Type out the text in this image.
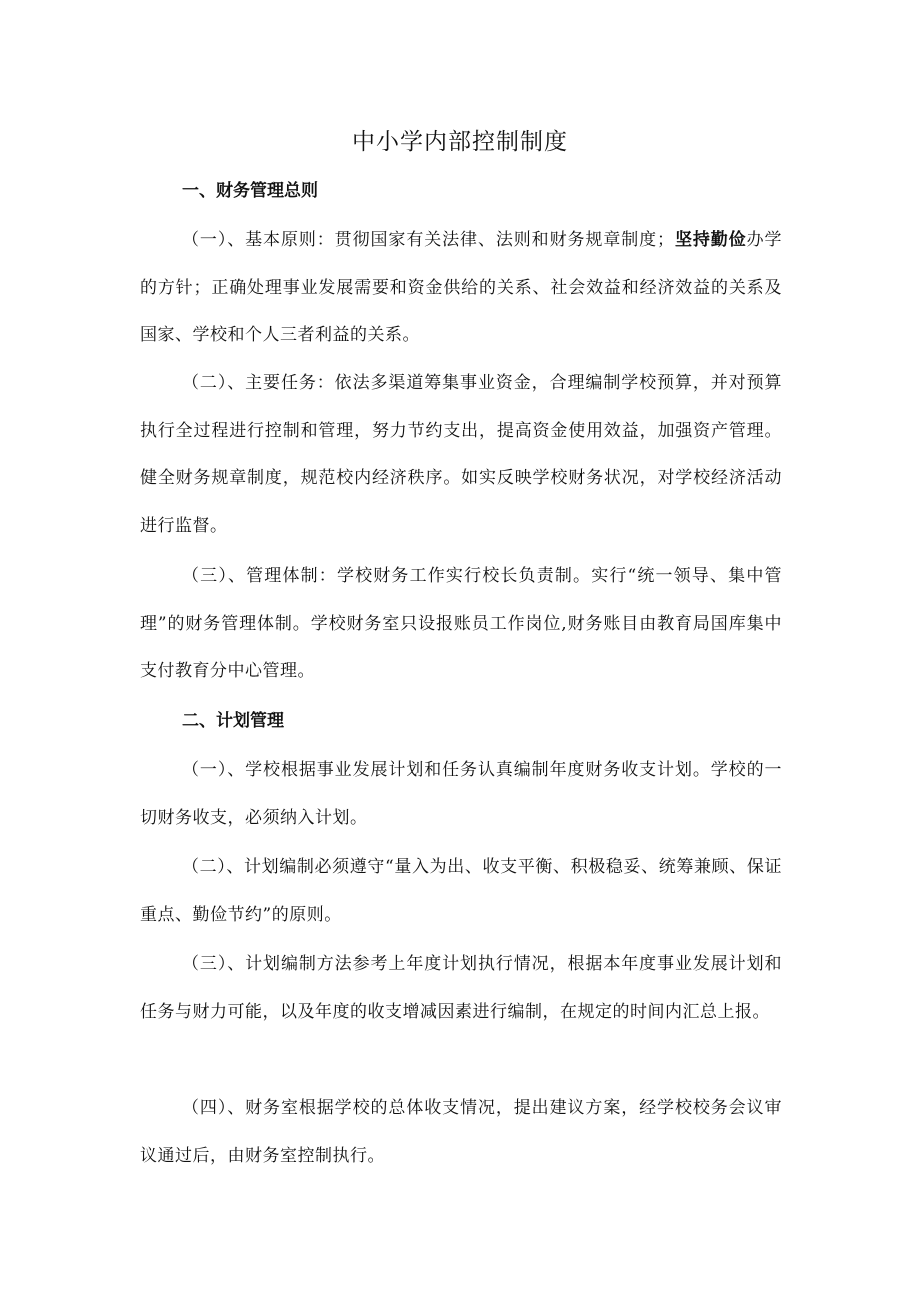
中小学内部控制制度
一、财务管理总则

（一）、基本原则：贯彻国家有关法律、法则和财务规章制度；坚持勤俭办学的方针；正确处理事业发展需要和资金供给的关系、社会效益和经济效益的关系及国家、学校和个人三者利益的关系。

（二）、主要任务：依法多渠道筹集事业资金，合理编制学校预算，并对预算执行全过程进行控制和管理，努力节约支出，提高资金使用效益，加强资产管理。健全财务规章制度，规范校内经济秩序。如实反映学校财务状况，对学校经济活动进行监督。

（三）、管理体制：学校财务工作实行校长负责制。实行“统一领导、集中管理”的财务管理体制。学校财务室只设报账员工作岗位,财务账目由教育局国库集中支付教育分中心管理。

二、计划管理

（一）、学校根据事业发展计划和任务认真编制年度财务收支计划。学校的一切财务收支，必须纳入计划。

（二）、计划编制必须遵守“量入为出、收支平衡、积极稳妥、统筹兼顾、保证重点、勤俭节约”的原则。

（三）、计划编制方法参考上年度计划执行情况，根据本年度事业发展计划和任务与财力可能，以及年度的收支增减因素进行编制，在规定的时间内汇总上报。

（四）、财务室根据学校的总体收支情况，提出建议方案，经学校校务会议审议通过后，由财务室控制执行。
